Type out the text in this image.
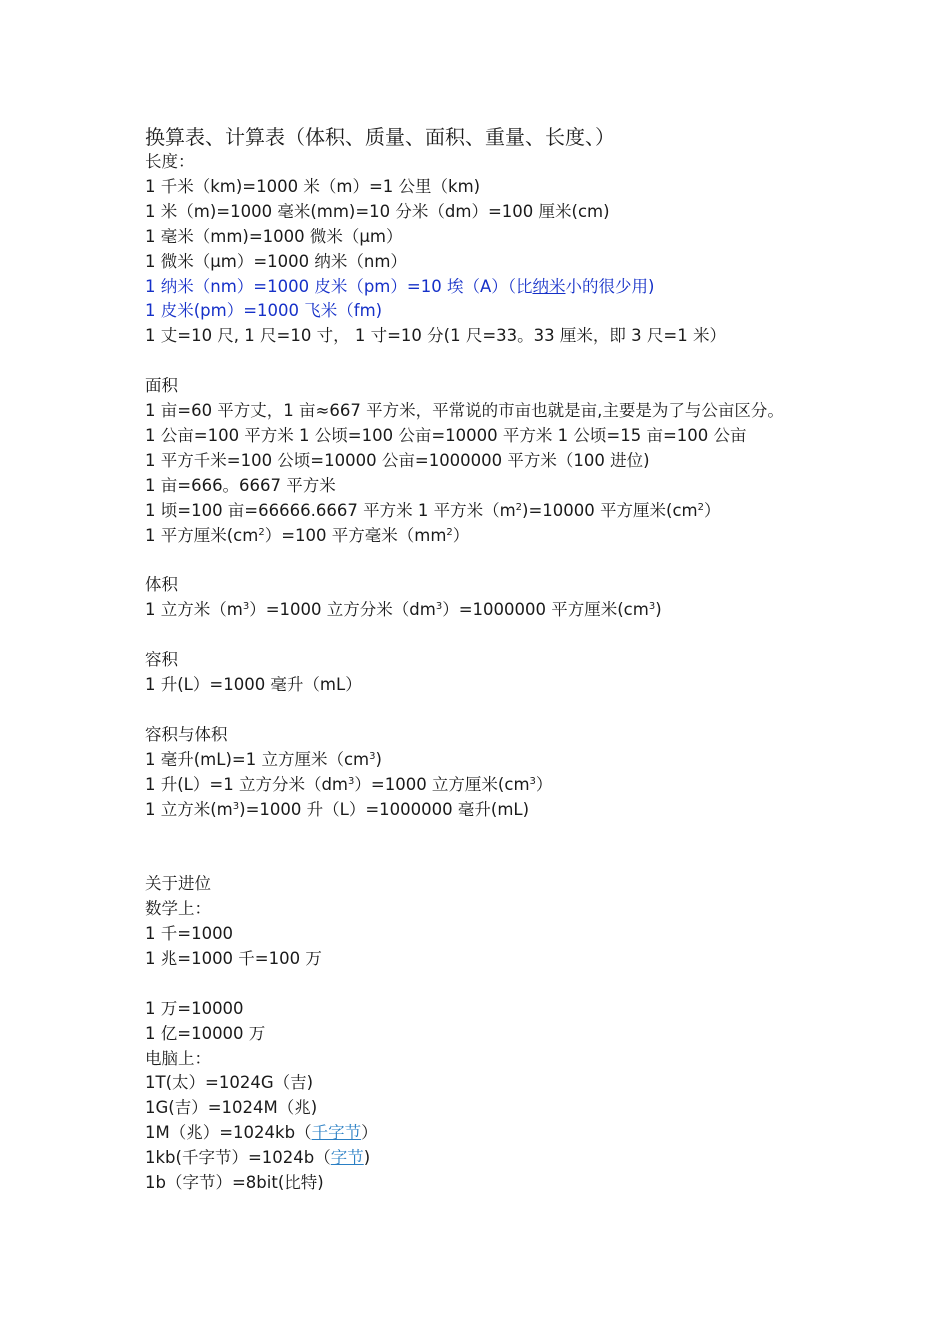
换算表、计算表（体积、质量、面积、重量、长度、）

长度：

1 千米（km)=1000 米（m）=1 公里（km)

1 米（m)=1000 毫米(mm)=10 分米（dm）=100 厘米(cm)

1 毫米（mm)=1000 微米（μm）

1 微米（μm）=1000 纳米（nm）

1 纳米（nm）=1000 皮米（pm）=10 埃（A）（比纳米小的很少用)

1 皮米(pm）=1000 飞米（fm)

1 丈=10 尺, 1 尺=10 寸， 1 寸=10 分(1 尺=33。33 厘米，即 3 尺=1 米）

面积

1 亩=60 平方丈，1 亩≈667 平方米，平常说的市亩也就是亩,主要是为了与公亩区分。

1 公亩=100 平方米 1 公顷=100 公亩=10000 平方米 1 公顷=15 亩=100 公亩

1 平方千米=100 公顷=10000 公亩=1000000 平方米（100 进位)

1 亩=666。6667 平方米

1 顷=100 亩=66666.6667 平方米 1 平方米$(m^2)=10000$ 平方厘米$(cm^2)$

1 平方厘米$(cm^2)=100$ 平方毫米$(mm^2)$

体积

1 立方米$(m^3)=1000$ 立方分米$(dm^3)=1000000$ 平方厘米$(cm^3)$

容积

1 升(L）=1000 毫升（mL）

容积与体积

1 毫升(mL)=1 立方厘米$(cm^3)$

1 升(L）=1 立方分米$(dm^3)=1000$ 立方厘米$(cm^3)$

1 立方米$(m^3)=1000$ 升（L）=1000000 毫升(mL)

关于进位

数学上：

1 千=1000

1 兆=1000 千=100 万

1 万=10000

1 亿=10000 万

电脑上：

1T(太）=1024G（吉)

1G(吉）=1024M（兆)

1M（兆）=1024kb（千字节）

1kb(千字节）=1024b（字节)

1b（字节）=8bit(比特)
